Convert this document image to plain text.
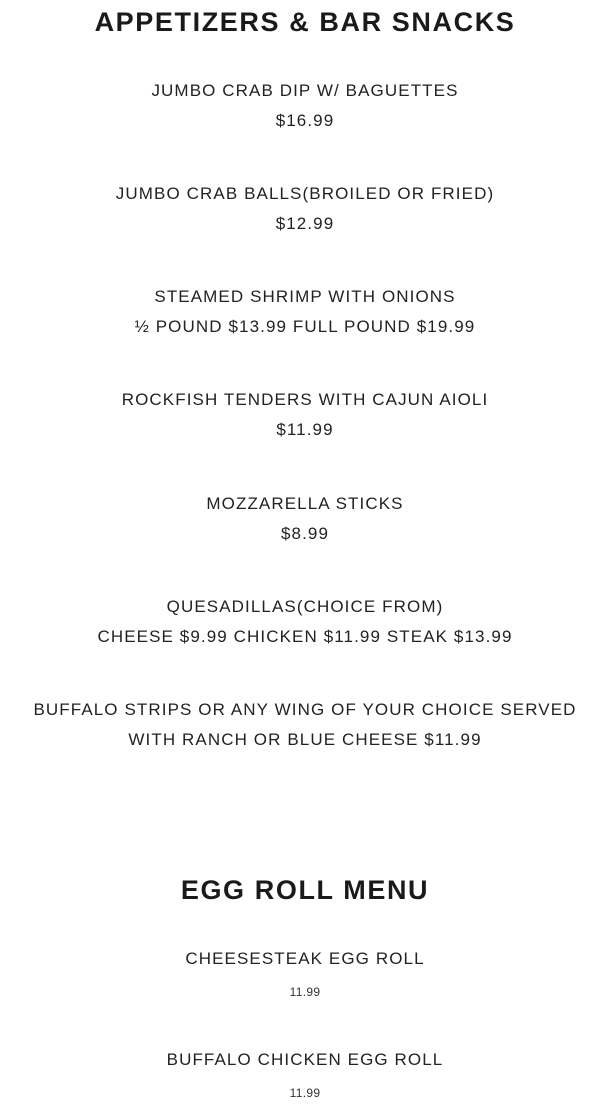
APPETIZERS & BAR SNACKS
JUMBO CRAB DIP W/ BAGUETTES
$16.99
JUMBO CRAB BALLS(BROILED OR FRIED)
$12.99
STEAMED SHRIMP WITH ONIONS
½ POUND $13.99 FULL POUND $19.99
ROCKFISH TENDERS WITH CAJUN AIOLI
$11.99
MOZZARELLA STICKS
$8.99
QUESADILLAS(CHOICE FROM)
CHEESE $9.99 CHICKEN $11.99 STEAK $13.99
BUFFALO STRIPS OR ANY WING OF YOUR CHOICE SERVED
WITH RANCH OR BLUE CHEESE $11.99
EGG ROLL MENU
CHEESESTEAK EGG ROLL
11.99
BUFFALO CHICKEN EGG ROLL
11.99
